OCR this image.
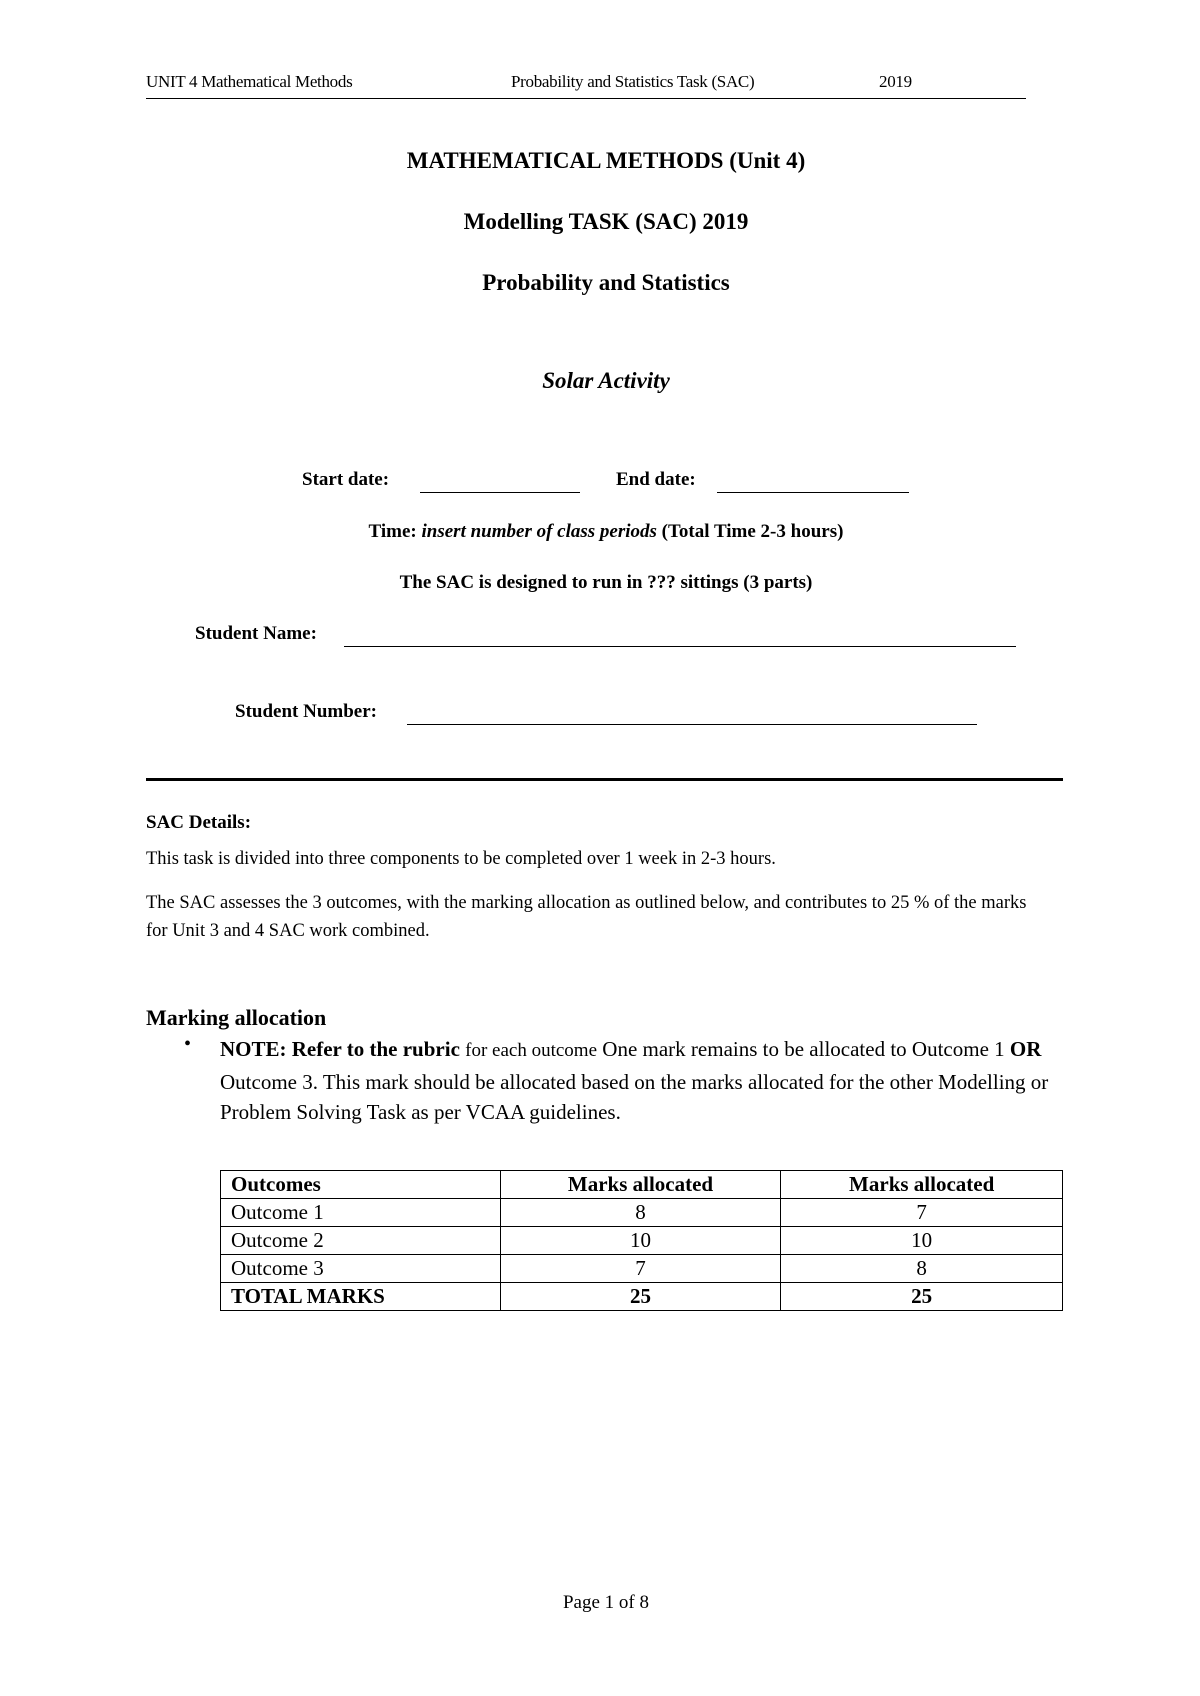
UNIT 4 Mathematical Methods	Probability and Statistics Task (SAC)	2019
MATHEMATICAL METHODS (Unit 4)
Modelling TASK (SAC) 2019
Probability and Statistics
Solar Activity
Start date:	End date:
Time: insert number of class periods (Total Time 2-3 hours)
The SAC is designed to run in ??? sittings (3 parts)
Student Name:
Student Number:
SAC Details:
This task is divided into three components to be completed over 1 week in 2-3 hours.
The SAC assesses the 3 outcomes, with the marking allocation as outlined below, and contributes to 25 % of the marks for Unit 3 and 4 SAC work combined.
Marking allocation
• NOTE: Refer to the rubric for each outcome One mark remains to be allocated to Outcome 1 OR Outcome 3. This mark should be allocated based on the marks allocated for the other Modelling or Problem Solving Task as per VCAA guidelines.
Outcomes	Marks allocated	Marks allocated
Outcome 1	8	7
Outcome 2	10	10
Outcome 3	7	8
TOTAL MARKS	25	25
Page 1 of 8
